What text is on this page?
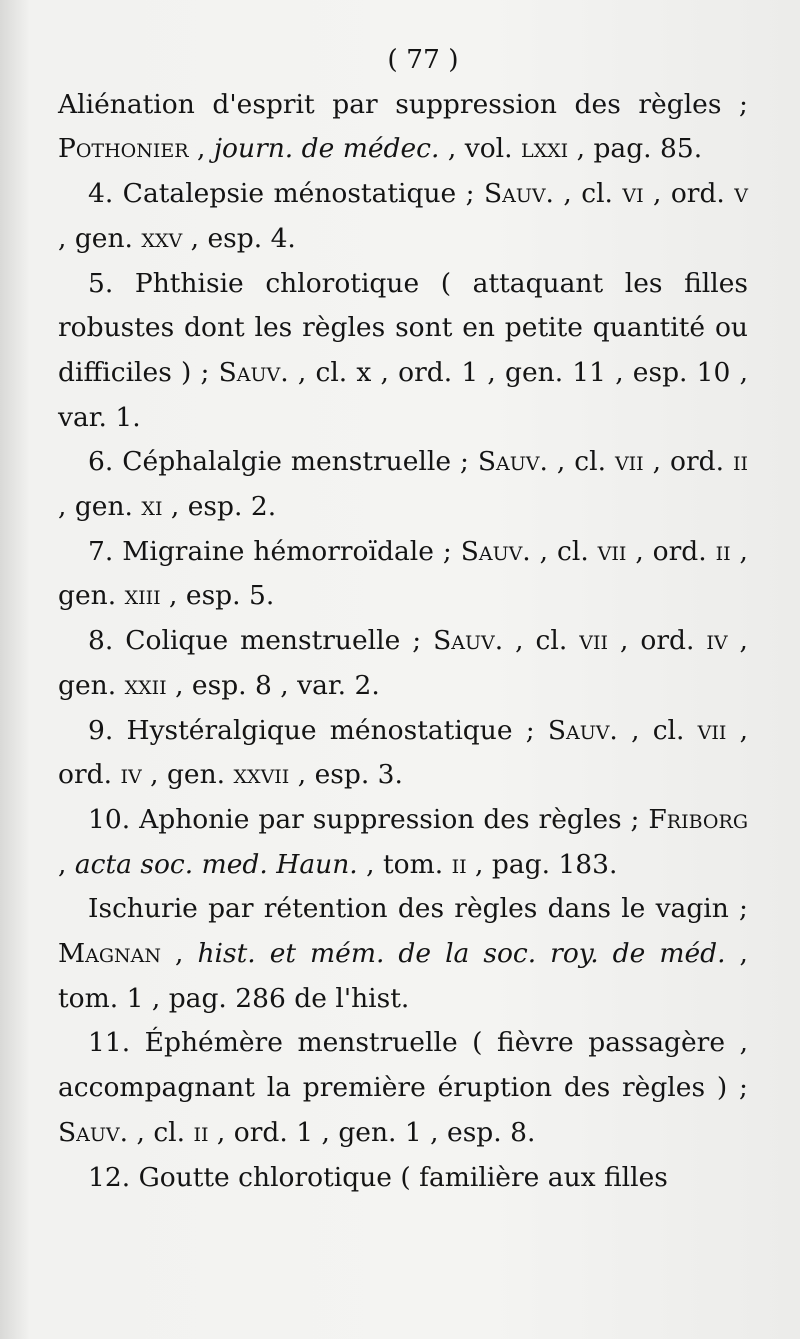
( 77 )

Aliénation d'esprit par suppression des règles ; Pothonier , journ. de médec. , vol. lxxi , pag. 85.

4. Catalepsie ménostatique ; Sauv. , cl. vi , ord. v , gen. xxv , esp. 4.

5. Phthisie chlorotique ( attaquant les filles robustes dont les règles sont en petite quantité ou difficiles ) ; Sauv. , cl. x , ord. 1 , gen. 11 , esp. 10 , var. 1.

6. Céphalalgie menstruelle ; Sauv. , cl. vii , ord. ii , gen. xi , esp. 2.

7. Migraine hémorroïdale ; Sauv. , cl. vii , ord. ii , gen. xiii , esp. 5.

8. Colique menstruelle ; Sauv. , cl. vii , ord. iv , gen. xxii , esp. 8 , var. 2.

9. Hystéralgique ménostatique ; Sauv. , cl. vii , ord. iv , gen. xxvii , esp. 3.

10. Aphonie par suppression des règles ; Friborg , acta soc. med. Haun. , tom. ii , pag. 183.

Ischurie par rétention des règles dans le vagin ; Magnan , hist. et mém. de la soc. roy. de méd. , tom. 1 , pag. 286 de l'hist.

11. Éphémère menstruelle ( fièvre passagère , accompagnant la première éruption des règles ) ; Sauv. , cl. ii , ord. 1 , gen. 1 , esp. 8.

12. Goutte chlorotique ( familière aux filles
